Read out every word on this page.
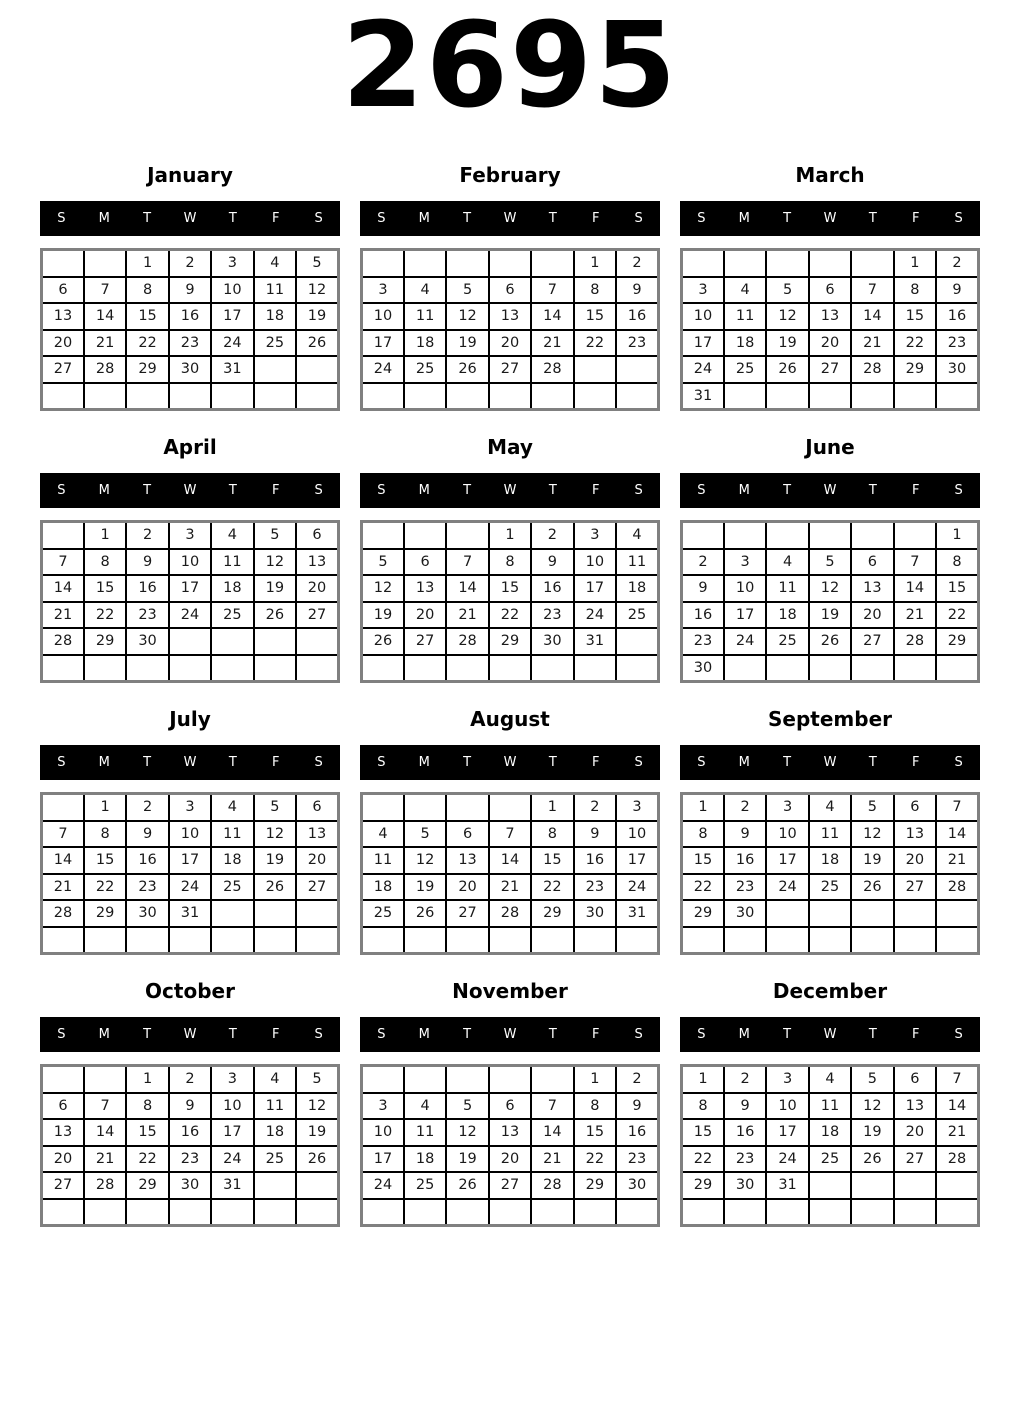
2695
January
S	M	T	W	T	F	S
		1	2	3	4	5
6	7	8	9	10	11	12
13	14	15	16	17	18	19
20	21	22	23	24	25	26
27	28	29	30	31		

February
S	M	T	W	T	F	S
					1	2
3	4	5	6	7	8	9
10	11	12	13	14	15	16
17	18	19	20	21	22	23
24	25	26	27	28		

March
S	M	T	W	T	F	S
					1	2
3	4	5	6	7	8	9
10	11	12	13	14	15	16
17	18	19	20	21	22	23
24	25	26	27	28	29	30
31						
April
S	M	T	W	T	F	S
	1	2	3	4	5	6
7	8	9	10	11	12	13
14	15	16	17	18	19	20
21	22	23	24	25	26	27
28	29	30				

May
S	M	T	W	T	F	S
			1	2	3	4
5	6	7	8	9	10	11
12	13	14	15	16	17	18
19	20	21	22	23	24	25
26	27	28	29	30	31	

June
S	M	T	W	T	F	S
						1
2	3	4	5	6	7	8
9	10	11	12	13	14	15
16	17	18	19	20	21	22
23	24	25	26	27	28	29
30						
July
S	M	T	W	T	F	S
	1	2	3	4	5	6
7	8	9	10	11	12	13
14	15	16	17	18	19	20
21	22	23	24	25	26	27
28	29	30	31			

August
S	M	T	W	T	F	S
				1	2	3
4	5	6	7	8	9	10
11	12	13	14	15	16	17
18	19	20	21	22	23	24
25	26	27	28	29	30	31

September
S	M	T	W	T	F	S
1	2	3	4	5	6	7
8	9	10	11	12	13	14
15	16	17	18	19	20	21
22	23	24	25	26	27	28
29	30					

October
S	M	T	W	T	F	S
		1	2	3	4	5
6	7	8	9	10	11	12
13	14	15	16	17	18	19
20	21	22	23	24	25	26
27	28	29	30	31		

November
S	M	T	W	T	F	S
					1	2
3	4	5	6	7	8	9
10	11	12	13	14	15	16
17	18	19	20	21	22	23
24	25	26	27	28	29	30

December
S	M	T	W	T	F	S
1	2	3	4	5	6	7
8	9	10	11	12	13	14
15	16	17	18	19	20	21
22	23	24	25	26	27	28
29	30	31				
